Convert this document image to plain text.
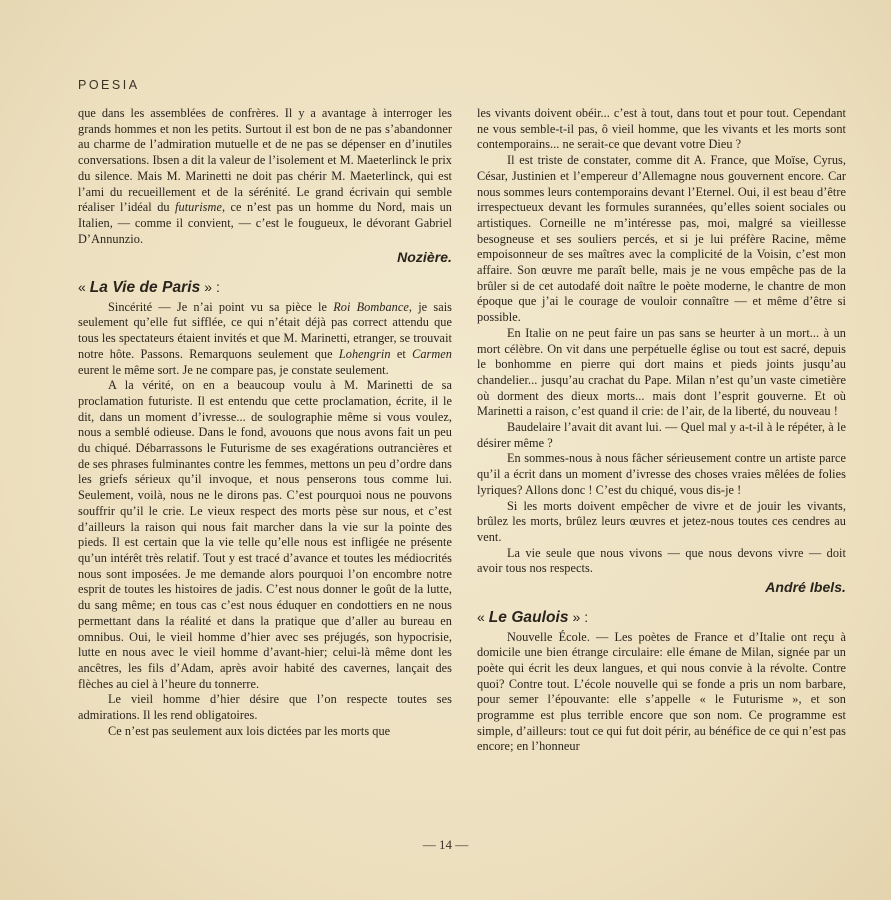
POESIA

que dans les assemblées de confrères. Il y a avantage à interroger les grands hommes et non les petits. Surtout il est bon de ne pas s’abandonner au charme de l’admiration mutuelle et de ne pas se dépenser en d’inutiles conversations. Ibsen a dit la valeur de l’isolement et M. Maeterlinck le prix du silence. Mais M. Marinetti ne doit pas chérir M. Maeterlinck, qui est l’ami du recueillement et de la sérénité. Le grand écrivain qui semble réaliser l’idéal du futurisme, ce n’est pas un homme du Nord, mais un Italien, — comme il convient, — c’est le fougueux, le dévorant Gabriel D’Annunzio.

Nozière.
« La Vie de Paris » :

Sincérité — Je n’ai point vu sa pièce le Roi Bombance, je sais seulement qu’elle fut sifflée, ce qui n’était déjà pas correct attendu que tous les spectateurs étaient invités et que M. Marinetti, etranger, se trouvait notre hôte. Passons. Remarquons seulement que Lohengrin et Carmen eurent le même sort. Je ne compare pas, je constate seulement.

A la vérité, on en a beaucoup voulu à M. Marinetti de sa proclamation futuriste. Il est entendu que cette proclamation, écrite, il le dit, dans un moment d’ivresse... de soulographie même si vous voulez, nous a semblé odieuse. Dans le fond, avouons que nous avons fait un peu du chiqué. Débarrassons le Futurisme de ses exagérations outrancières et de ses phrases fulminantes contre les femmes, mettons un peu d’ordre dans les griefs sérieux qu’il invoque, et nous penserons tous comme lui. Seulement, voilà, nous ne le dirons pas. C’est pourquoi nous ne pouvons souffrir qu’il le crie. Le vieux respect des morts pèse sur nous, et c’est d’ailleurs la raison qui nous fait marcher dans la vie sur la pointe des pieds. Il est certain que la vie telle qu’elle nous est infligée ne présente qu’un intérêt très relatif. Tout y est tracé d’avance et toutes les médiocrités nous sont imposées. Je me demande alors pourquoi l’on encombre notre esprit de toutes les histoires de jadis. C’est nous donner le goût de la lutte, du sang même; en tous cas c’est nous éduquer en condottiers en ne nous permettant dans la réalité et dans la pratique que d’aller au bureau en omnibus. Oui, le vieil homme d’hier avec ses préjugés, son hypocrisie, lutte en nous avec le vieil homme d’avant-hier; celui-là même dont les ancêtres, les fils d’Adam, après avoir habité des cavernes, lançait des flèches au ciel à l’heure du tonnerre.

Le vieil homme d’hier désire que l’on respecte toutes ses admirations. Il les rend obligatoires.

Ce n’est pas seulement aux lois dictées par les morts que

les vivants doivent obéir... c’est à tout, dans tout et pour tout. Cependant ne vous semble-t-il pas, ô vieil homme, que les vivants et les morts sont contemporains... ne serait-ce que devant votre Dieu ?

Il est triste de constater, comme dit A. France, que Moïse, Cyrus, César, Justinien et l’empereur d’Allemagne nous gouvernent encore. Car nous sommes leurs contemporains devant l’Eternel. Oui, il est beau d’être irrespectueux devant les formules surannées, qu’elles soient sociales ou artistiques. Corneille ne m’intéresse pas, moi, malgré sa vieillesse besogneuse et ses souliers percés, et si je lui préfère Racine, même empoisonneur de ses maîtres avec la complicité de la Voisin, c’est mon affaire. Son œuvre me paraît belle, mais je ne vous empêche pas de la brûler si de cet autodafé doit naître le poète moderne, le chantre de mon époque que j’ai le courage de vouloir connaître — et même d’être si possible.

En Italie on ne peut faire un pas sans se heurter à un mort... à un mort célèbre. On vit dans une perpétuelle église ou tout est sacré, depuis le bonhomme en pierre qui dort mains et pieds joints jusqu’au chandelier... jusqu’au crachat du Pape. Milan n’est qu’un vaste cimetière où dorment des dieux morts... mais dont l’esprit gouverne. Et où Marinetti a raison, c’est quand il crie: de l’air, de la liberté, du nouveau !

Baudelaire l’avait dit avant lui. — Quel mal y a-t-il à le répéter, à le désirer même ?

En sommes-nous à nous fâcher sérieusement contre un artiste parce qu’il a écrit dans un moment d’ivresse des choses vraies mêlées de folies lyriques? Allons donc ! C’est du chiqué, vous dis-je !

Si les morts doivent empêcher de vivre et de jouir les vivants, brûlez les morts, brûlez leurs œuvres et jetez-nous toutes ces cendres au vent.

La vie seule que nous vivons — que nous devons vivre — doit avoir tous nos respects.

André Ibels.
« Le Gaulois » :

Nouvelle École. — Les poètes de France et d’Italie ont reçu à domicile une bien étrange circulaire: elle émane de Milan, signée par un poète qui écrit les deux langues, et qui nous convie à la révolte. Contre quoi? Contre tout. L’école nouvelle qui se fonde a pris un nom barbare, pour semer l’épouvante: elle s’appelle « le Futurisme », et son programme est plus terrible encore que son nom. Ce programme est simple, d’ailleurs: tout ce qui fut doit périr, au bénéfice de ce qui n’est pas encore; en l’honneur

— 14 —
